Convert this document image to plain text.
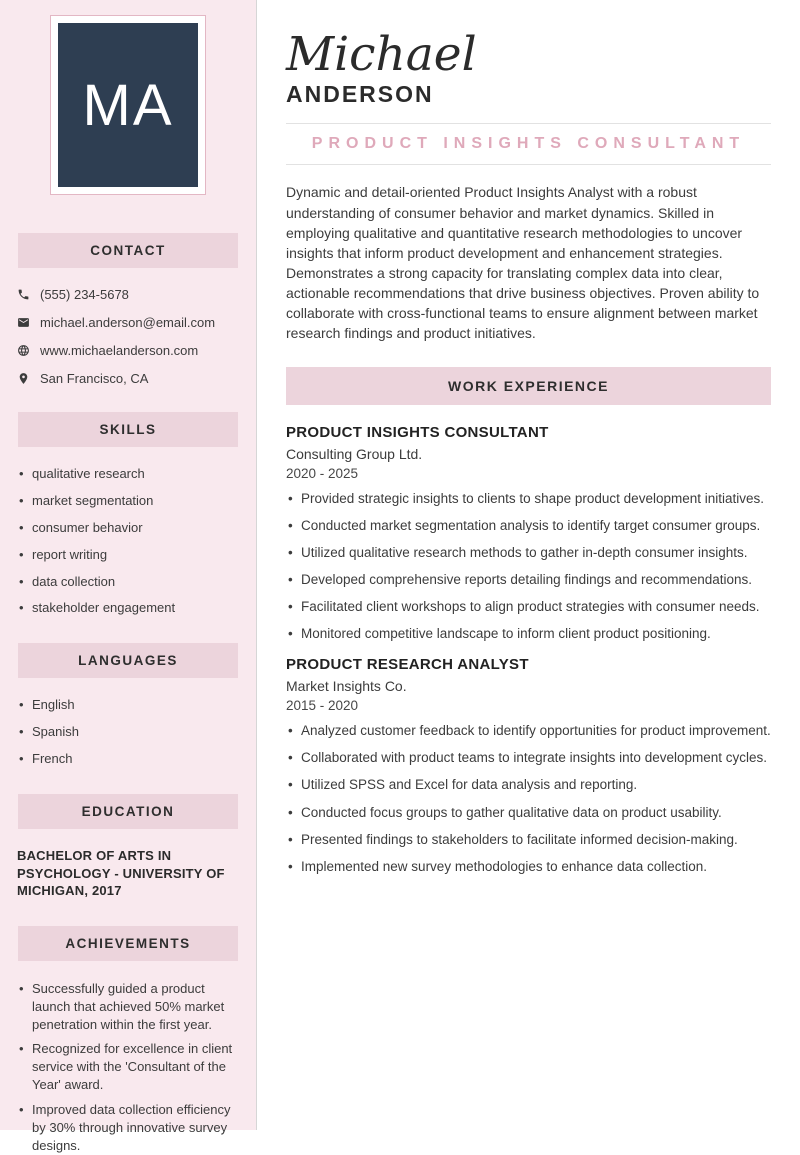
MA
CONTACT
(555) 234-5678
michael.anderson@email.com
www.michaelanderson.com
San Francisco, CA
SKILLS
• qualitative research
• market segmentation
• consumer behavior
• report writing
• data collection
• stakeholder engagement
LANGUAGES
• English
• Spanish
• French
EDUCATION
BACHELOR OF ARTS IN PSYCHOLOGY - UNIVERSITY OF MICHIGAN, 2017
ACHIEVEMENTS
• Successfully guided a product launch that achieved 50% market penetration within the first year.
• Recognized for excellence in client service with the 'Consultant of the Year' award.
• Improved data collection efficiency by 30% through innovative survey designs.
Michael
ANDERSON
PRODUCT INSIGHTS CONSULTANT

Dynamic and detail-oriented Product Insights Analyst with a robust understanding of consumer behavior and market dynamics. Skilled in employing qualitative and quantitative research methodologies to uncover insights that inform product development and enhancement strategies. Demonstrates a strong capacity for translating complex data into clear, actionable recommendations that drive business objectives. Proven ability to collaborate with cross-functional teams to ensure alignment between market research findings and product initiatives.

WORK EXPERIENCE
PRODUCT INSIGHTS CONSULTANT
Consulting Group Ltd.
2020 - 2025
• Provided strategic insights to clients to shape product development initiatives.
• Conducted market segmentation analysis to identify target consumer groups.
• Utilized qualitative research methods to gather in-depth consumer insights.
• Developed comprehensive reports detailing findings and recommendations.
• Facilitated client workshops to align product strategies with consumer needs.
• Monitored competitive landscape to inform client product positioning.
PRODUCT RESEARCH ANALYST
Market Insights Co.
2015 - 2020
• Analyzed customer feedback to identify opportunities for product improvement.
• Collaborated with product teams to integrate insights into development cycles.
• Utilized SPSS and Excel for data analysis and reporting.
• Conducted focus groups to gather qualitative data on product usability.
• Presented findings to stakeholders to facilitate informed decision-making.
• Implemented new survey methodologies to enhance data collection.
